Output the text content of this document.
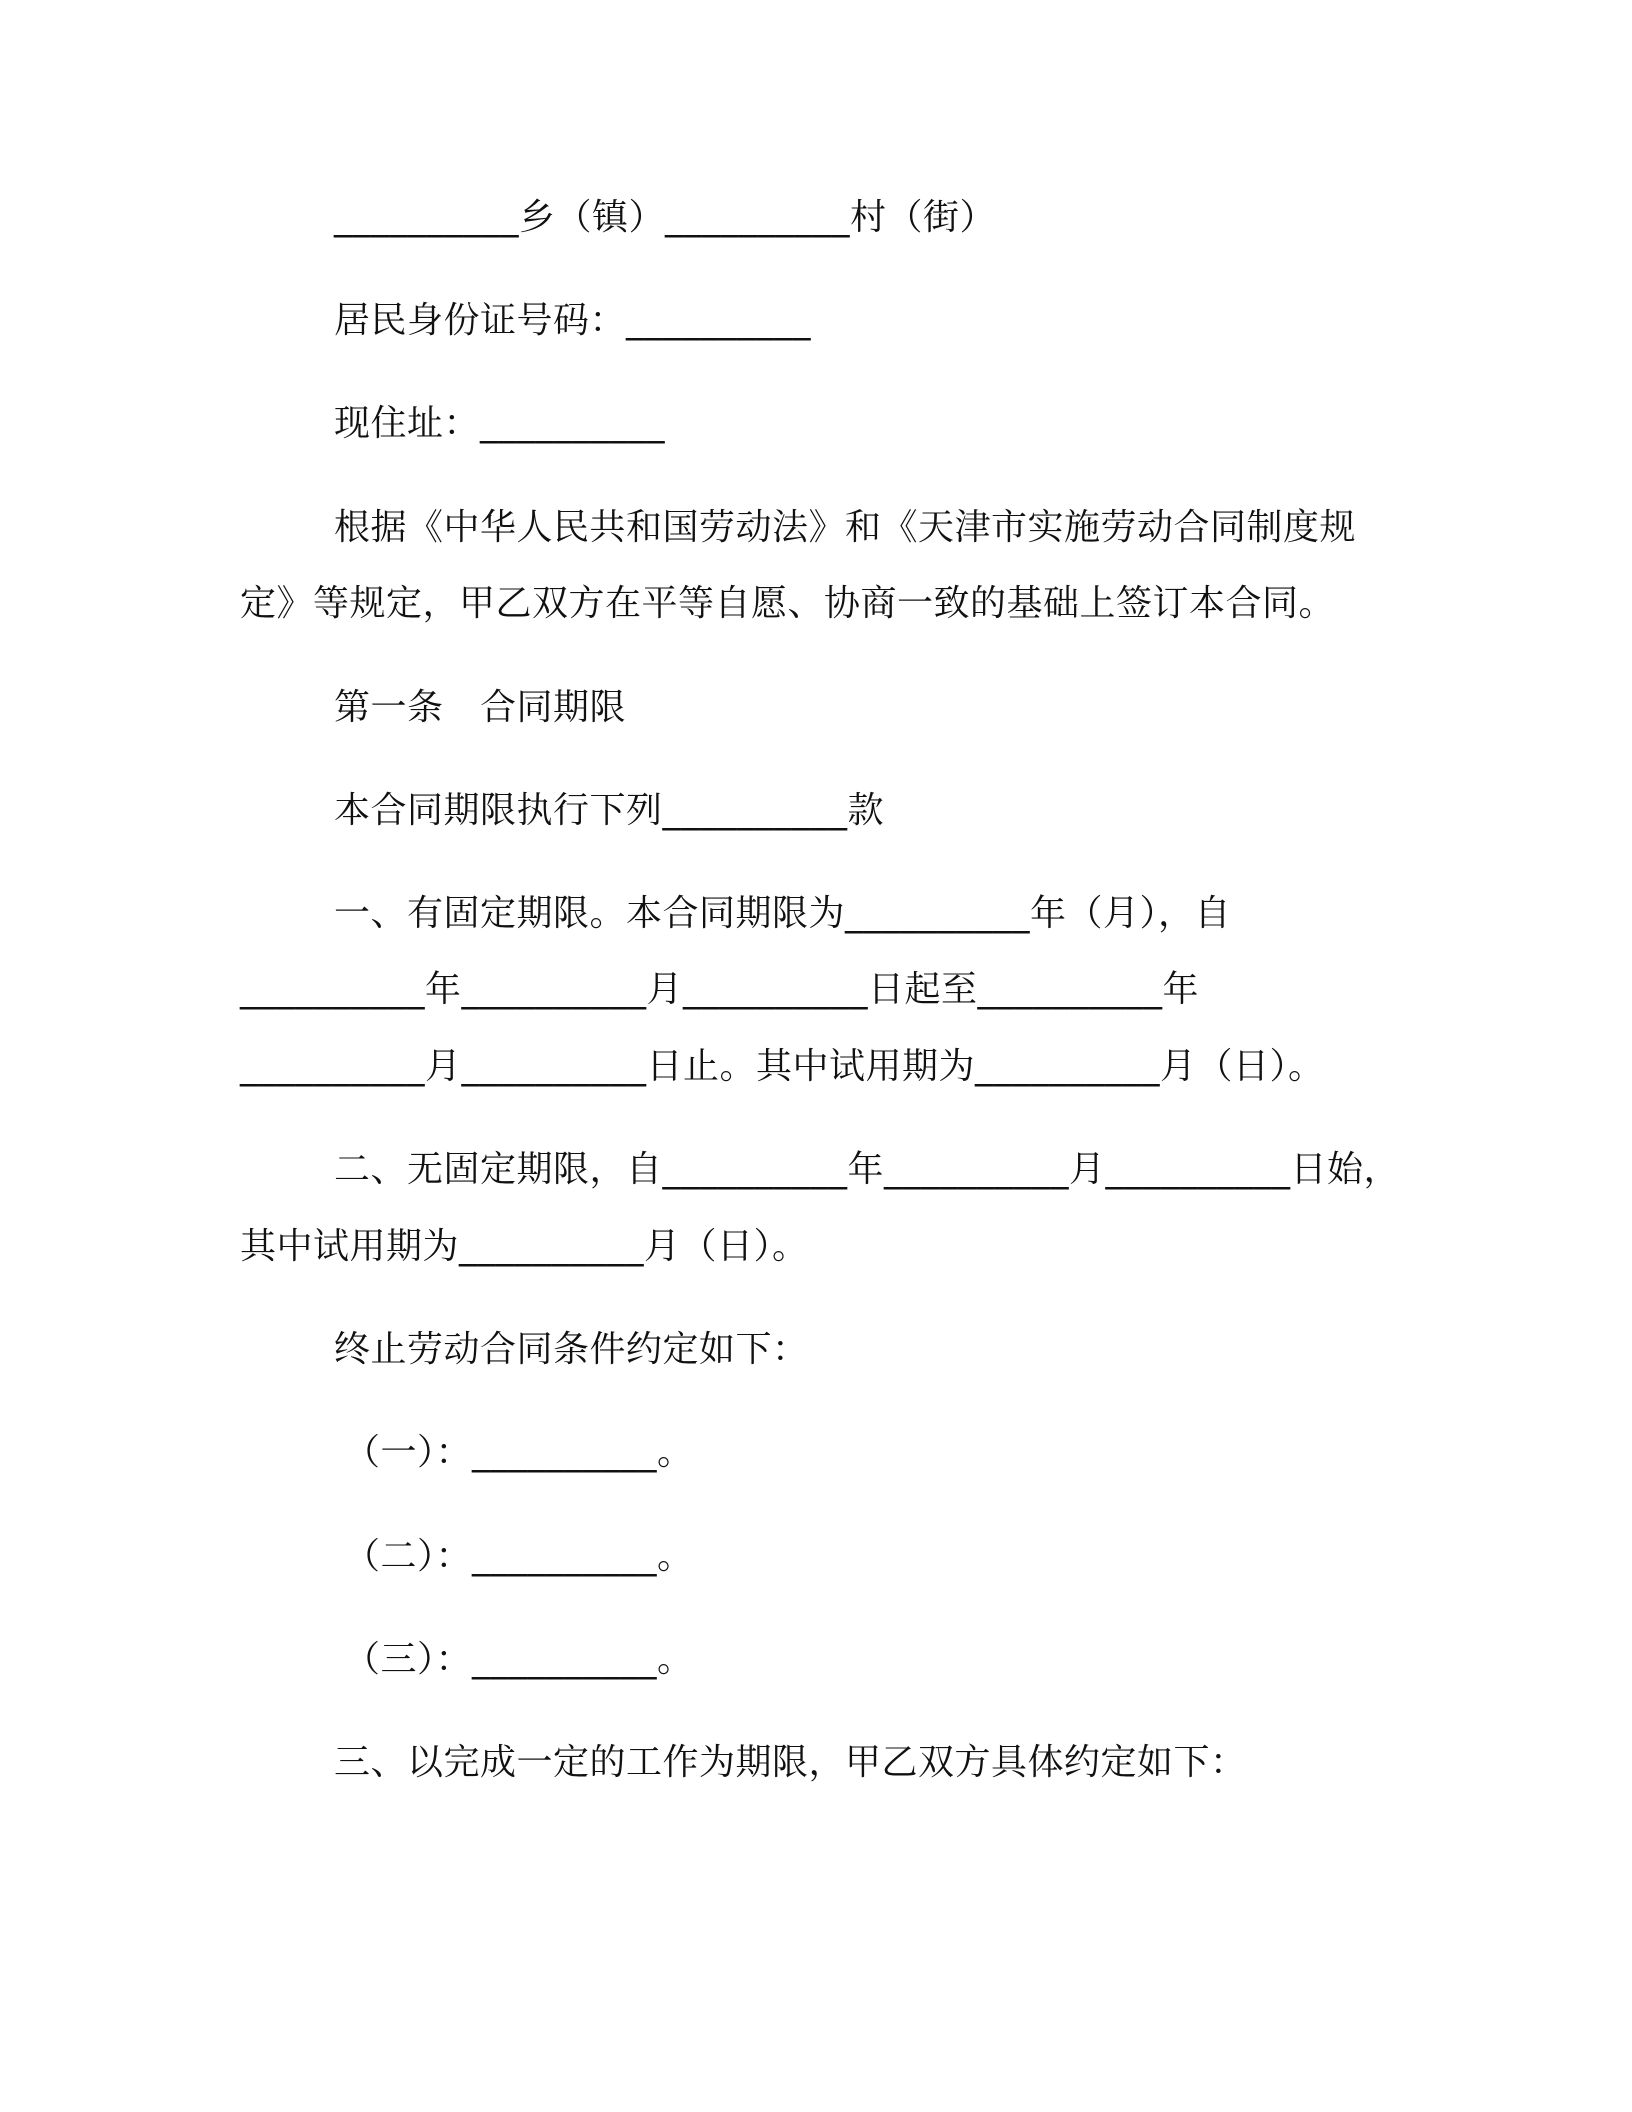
__________乡（镇）__________村（街）
居民身份证号码：__________
现住址：__________
根据《中华人民共和国劳动法》和《天津市实施劳动合同制度规
定》等规定，甲乙双方在平等自愿、协商一致的基础上签订本合同。
第一条　合同期限
本合同期限执行下列__________款
一、有固定期限。本合同期限为__________年（月），自
__________年__________月__________日起至__________年
__________月__________日止。其中试用期为__________月（日）。
二、无固定期限，自__________年__________月__________日始，
其中试用期为__________月（日）。
终止劳动合同条件约定如下：
（一）：__________。
（二）：__________。
（三）：__________。
三、以完成一定的工作为期限，甲乙双方具体约定如下：
